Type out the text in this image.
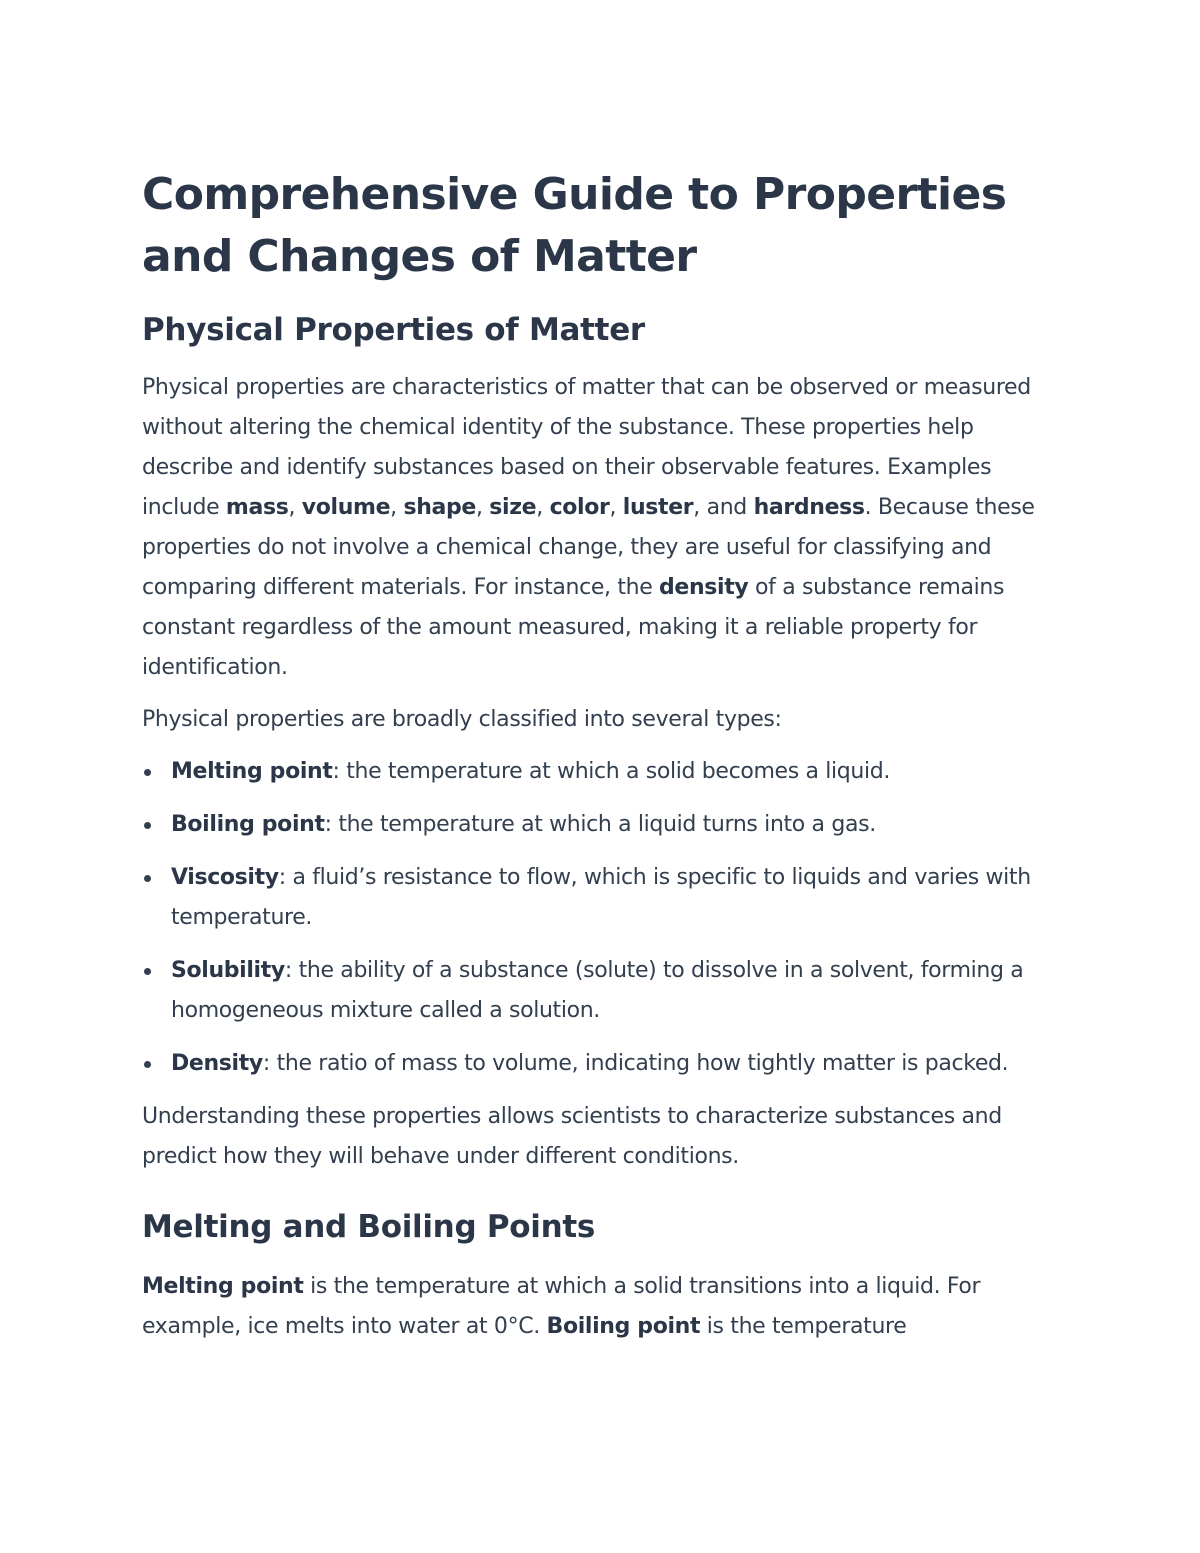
Comprehensive Guide to Properties and Changes of Matter
Physical Properties of Matter

Physical properties are characteristics of matter that can be observed or measured without altering the chemical identity of the substance. These properties help describe and identify substances based on their observable features. Examples include mass, volume, shape, size, color, luster, and hardness. Because these properties do not involve a chemical change, they are useful for classifying and comparing different materials. For instance, the density of a substance remains constant regardless of the amount measured, making it a reliable property for identification.

Physical properties are broadly classified into several types:

Melting point: the temperature at which a solid becomes a liquid.
Boiling point: the temperature at which a liquid turns into a gas.
Viscosity: a fluid’s resistance to flow, which is specific to liquids and varies with temperature.
Solubility: the ability of a substance (solute) to dissolve in a solvent, forming a homogeneous mixture called a solution.
Density: the ratio of mass to volume, indicating how tightly matter is packed.

Understanding these properties allows scientists to characterize substances and predict how they will behave under different conditions.

Melting and Boiling Points

Melting point is the temperature at which a solid transitions into a liquid. For example, ice melts into water at 0°C. Boiling point is the temperature
